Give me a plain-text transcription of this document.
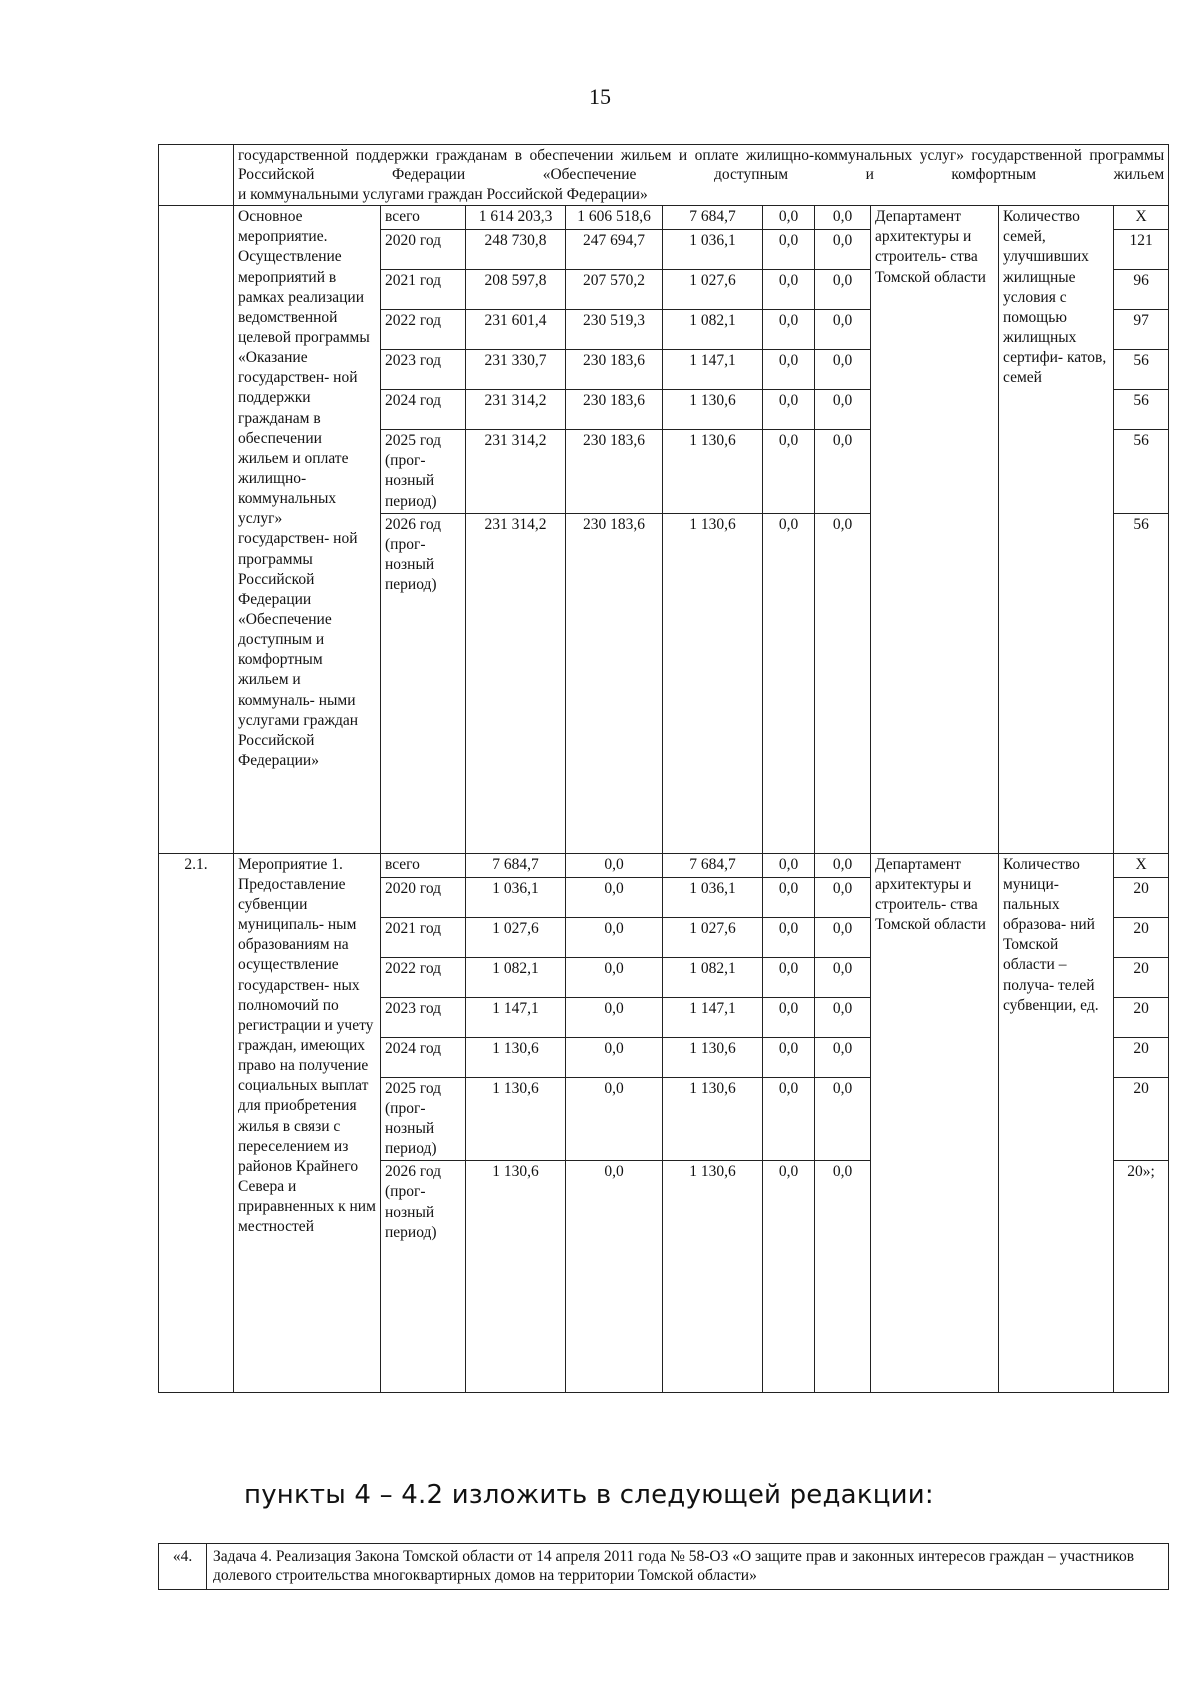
15
	государственной поддержки гражданам в обеспечении жильем и оплате жилищно-коммунальных услуг» государственной программы Российской Федерации «Обеспечение доступным и комфортным жильем
и коммунальными услугами граждан Российской Федерации»									

	Основное мероприятие. Осуществление мероприятий в рамках реализации ведомственной целевой программы «Оказание государствен- ной поддержки гражданам в обеспечении жильем и оплате жилищно- коммунальных услуг» государствен- ной программы Российской Федерации «Обеспечение доступным и комфортным жильем и коммуналь- ными услугами граждан Российской Федерации»	всего	1 614 203,3	1 606 518,6	7 684,7	0,0	0,0	Департамент архитектуры и строитель- ства Томской области	Количество семей, улучшивших жилищные условия с помощью жилищных сертифи- катов, семей	Х
		2020 год	248 730,8	247 694,7	1 036,1	0,0	0,0			121
		2021 год	208 597,8	207 570,2	1 027,6	0,0	0,0			96
		2022 год	231 601,4	230 519,3	1 082,1	0,0	0,0			97
		2023 год	231 330,7	230 183,6	1 147,1	0,0	0,0			56
		2024 год	231 314,2	230 183,6	1 130,6	0,0	0,0			56
		2025 год (прог- нозный период)	231 314,2	230 183,6	1 130,6	0,0	0,0			56
		2026 год (прог- нозный период)	231 314,2	230 183,6	1 130,6	0,0	0,0			56
2.1.	Мероприятие 1. Предоставление субвенции муниципаль- ным образованиям на осуществление государствен- ных полномочий по регистрации и учету граждан, имеющих право на получение социальных выплат для приобретения жилья в связи с переселением из районов Крайнего Севера и приравненных к ним местностей	всего	7 684,7	0,0	7 684,7	0,0	0,0	Департамент архитектуры и строитель- ства Томской области	Количество муници- пальных образова- ний Томской области – получа- телей субвенции, ед.	Х
		2020 год	1 036,1	0,0	1 036,1	0,0	0,0			20
		2021 год	1 027,6	0,0	1 027,6	0,0	0,0			20
		2022 год	1 082,1	0,0	1 082,1	0,0	0,0			20
		2023 год	1 147,1	0,0	1 147,1	0,0	0,0			20
		2024 год	1 130,6	0,0	1 130,6	0,0	0,0			20
		2025 год (прог- нозный период)	1 130,6	0,0	1 130,6	0,0	0,0			20
		2026 год (прог- нозный период)	1 130,6	0,0	1 130,6	0,0	0,0			20»;
пункты 4 – 4.2 изложить в следующей редакции:
«4.	Задача 4. Реализация Закона Томской области от 14 апреля 2011 года № 58-ОЗ «О защите прав и законных интересов граждан – участников долевого строительства многоквартирных домов на территории Томской области»
